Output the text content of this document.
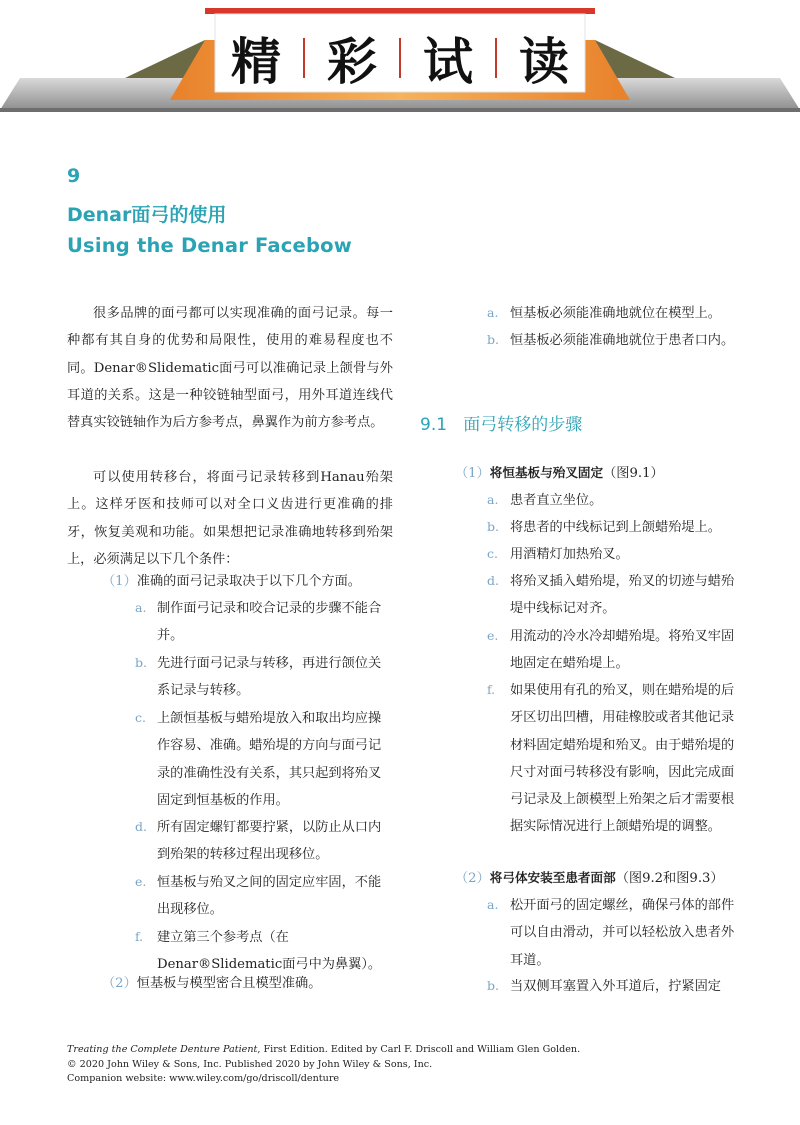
精 彩 试 读
9
Denar面弓的使用
Using the Denar Facebow
很多品牌的面弓都可以实现准确的面弓记录。每一种都有其自身的优势和局限性，使用的难易程度也不同。Denar®Slidematic面弓可以准确记录上颌骨与外耳道的关系。这是一种铰链轴型面弓，用外耳道连线代替真实铰链轴作为后方参考点，鼻翼作为前方参考点。
可以使用转移台，将面弓记录转移到Hanau殆架上。这样牙医和技师可以对全口义齿进行更准确的排牙，恢复美观和功能。如果想把记录准确地转移到殆架上，必须满足以下几个条件：
（1）准确的面弓记录取决于以下几个方面。
a. 制作面弓记录和咬合记录的步骤不能合并。
b. 先进行面弓记录与转移，再进行颌位关系记录与转移。
c. 上颌恒基板与蜡殆堤放入和取出均应操作容易、准确。蜡殆堤的方向与面弓记录的准确性没有关系，其只起到将殆叉固定到恒基板的作用。
d. 所有固定螺钉都要拧紧，以防止从口内到殆架的转移过程出现移位。
e. 恒基板与殆叉之间的固定应牢固，不能出现移位。
f. 建立第三个参考点（在Denar®Slidematic面弓中为鼻翼）。
（2）恒基板与模型密合且模型准确。
a. 恒基板必须能准确地就位在模型上。
b. 恒基板必须能准确地就位于患者口内。
9.1 面弓转移的步骤
（1）将恒基板与殆叉固定（图9.1）
a. 患者直立坐位。
b. 将患者的中线标记到上颌蜡殆堤上。
c. 用酒精灯加热殆叉。
d. 将殆叉插入蜡殆堤，殆叉的切迹与蜡殆堤中线标记对齐。
e. 用流动的冷水冷却蜡殆堤。将殆叉牢固地固定在蜡殆堤上。
f. 如果使用有孔的殆叉，则在蜡殆堤的后牙区切出凹槽，用硅橡胶或者其他记录材料固定蜡殆堤和殆叉。由于蜡殆堤的尺寸对面弓转移没有影响，因此完成面弓记录及上颌模型上殆架之后才需要根据实际情况进行上颌蜡殆堤的调整。
（2）将弓体安装至患者面部（图9.2和图9.3）
a. 松开面弓的固定螺丝，确保弓体的部件可以自由滑动，并可以轻松放入患者外耳道。
b. 当双侧耳塞置入外耳道后，拧紧固定
Treating the Complete Denture Patient, First Edition. Edited by Carl F. Driscoll and William Glen Golden.
© 2020 John Wiley & Sons, Inc. Published 2020 by John Wiley & Sons, Inc.
Companion website: www.wiley.com/go/driscoll/denture
